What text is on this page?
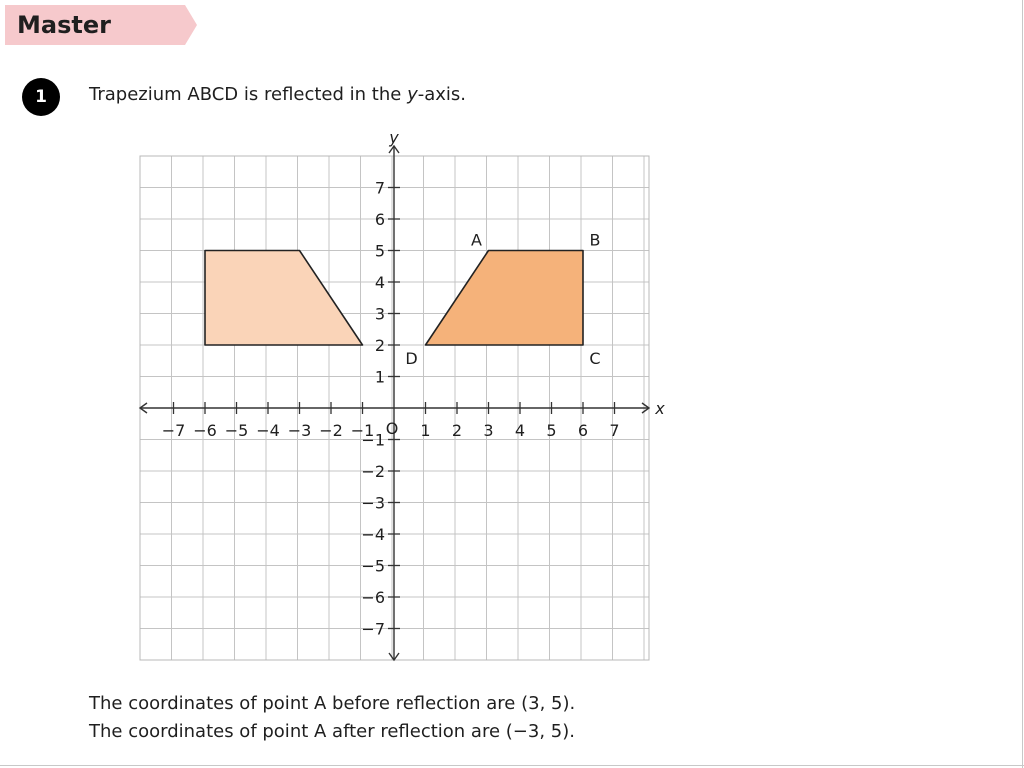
Master
1	Trapezium ABCD is reflected in the y-axis.
A	B
C
D
x
y
−7 −6 −5 −4 −3 −2 −1	1 2 3 4 5 6 7
−7
−6
−5
−4
−3
−2
−1
1
2
3
4
5
6
7
O
The coordinates of point A before reflection are (3, 5).
The coordinates of point A after reflection are (−3, 5).
